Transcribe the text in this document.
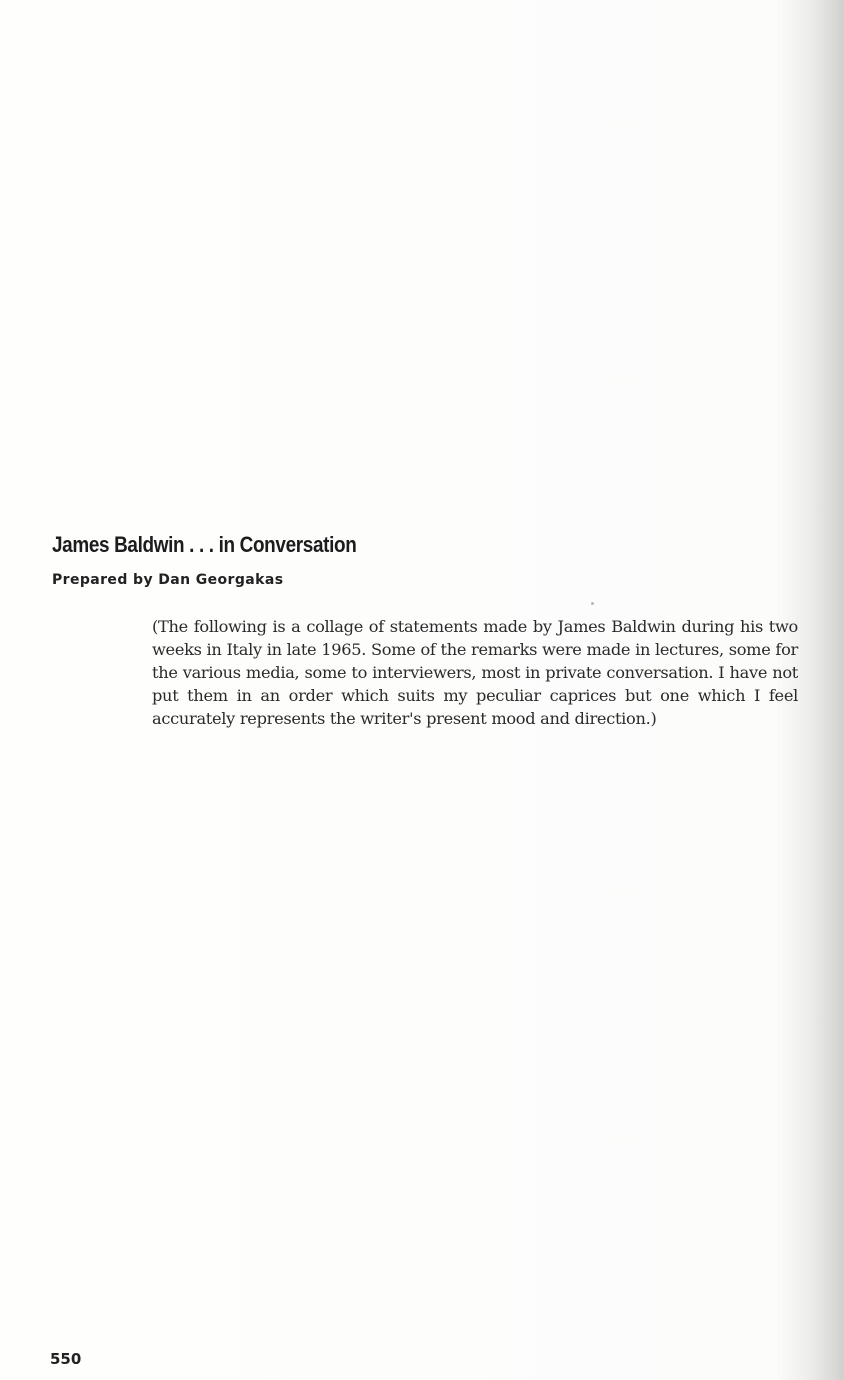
James Baldwin . . . in Conversation
Prepared by Dan Georgakas
(The following is a collage of statements made by James Baldwin during his two weeks in Italy in late 1965. Some of the remarks were made in lectures, some for the various media, some to interviewers, most in private conversation. I have not put them in an order which suits my peculiar caprices but one which I feel accurately represents the writer's present mood and direction.)
550
